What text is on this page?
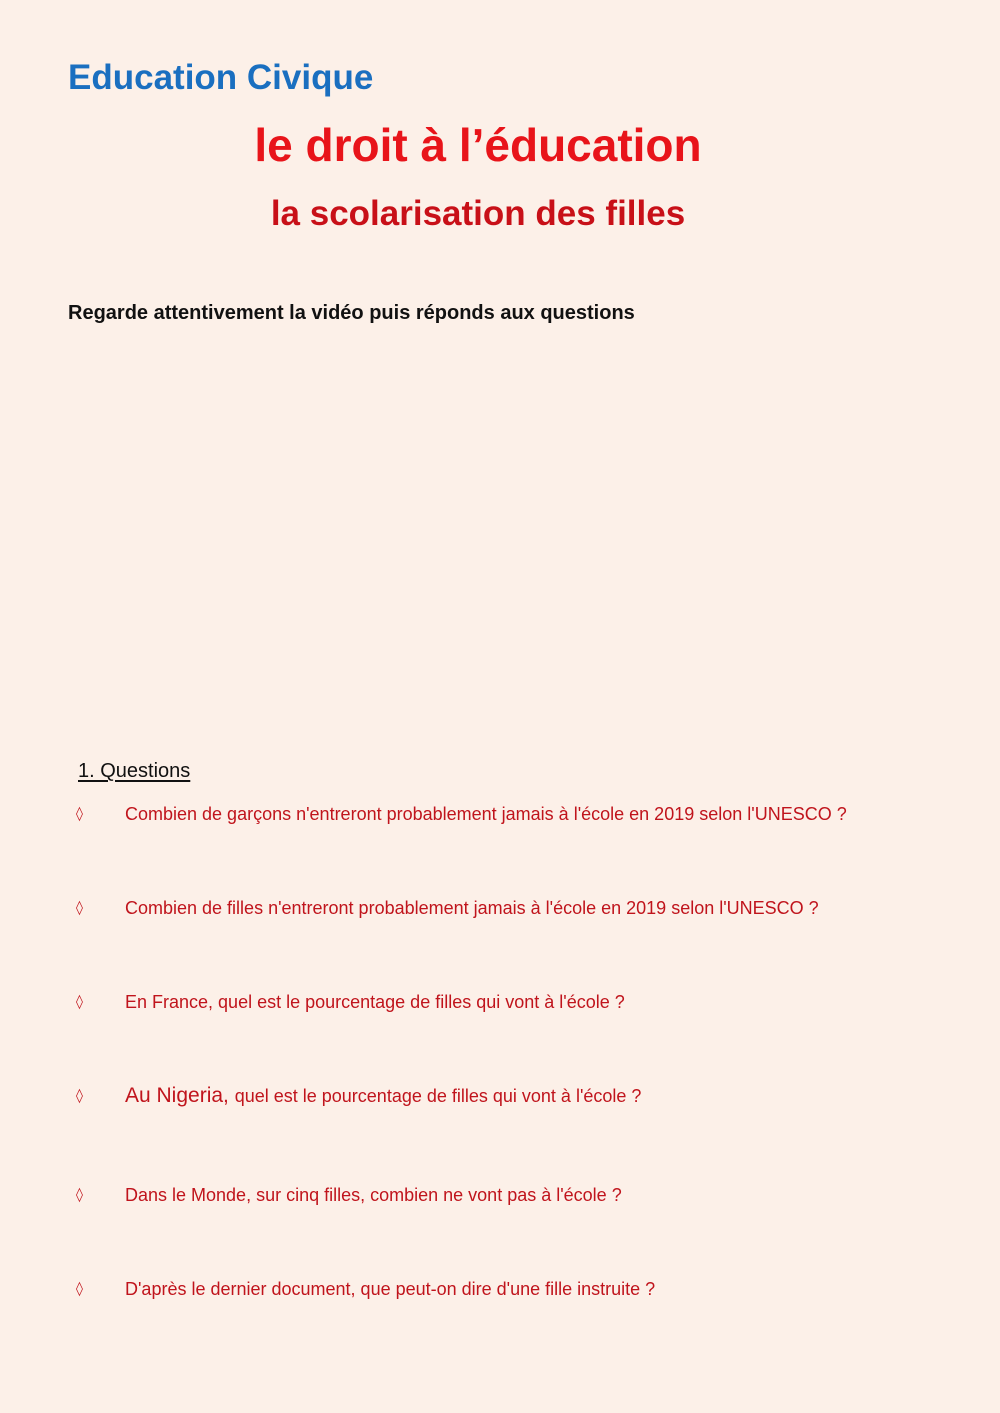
Education Civique
le droit à l’éducation
la scolarisation des filles
Regarde attentivement la vidéo puis réponds aux questions
1. Questions
◊ Combien de garçons n'entreront probablement jamais à l'école en 2019 selon l'UNESCO ?
◊ Combien de filles n'entreront probablement jamais à l'école en 2019 selon l'UNESCO ?
◊ En France, quel est le pourcentage de filles qui vont à l'école ?
◊ Au Nigeria, quel est le pourcentage de filles qui vont à l'école ?
◊ Dans le Monde, sur cinq filles, combien ne vont pas à l'école ?
◊ D'après le dernier document, que peut-on dire d'une fille instruite ?
